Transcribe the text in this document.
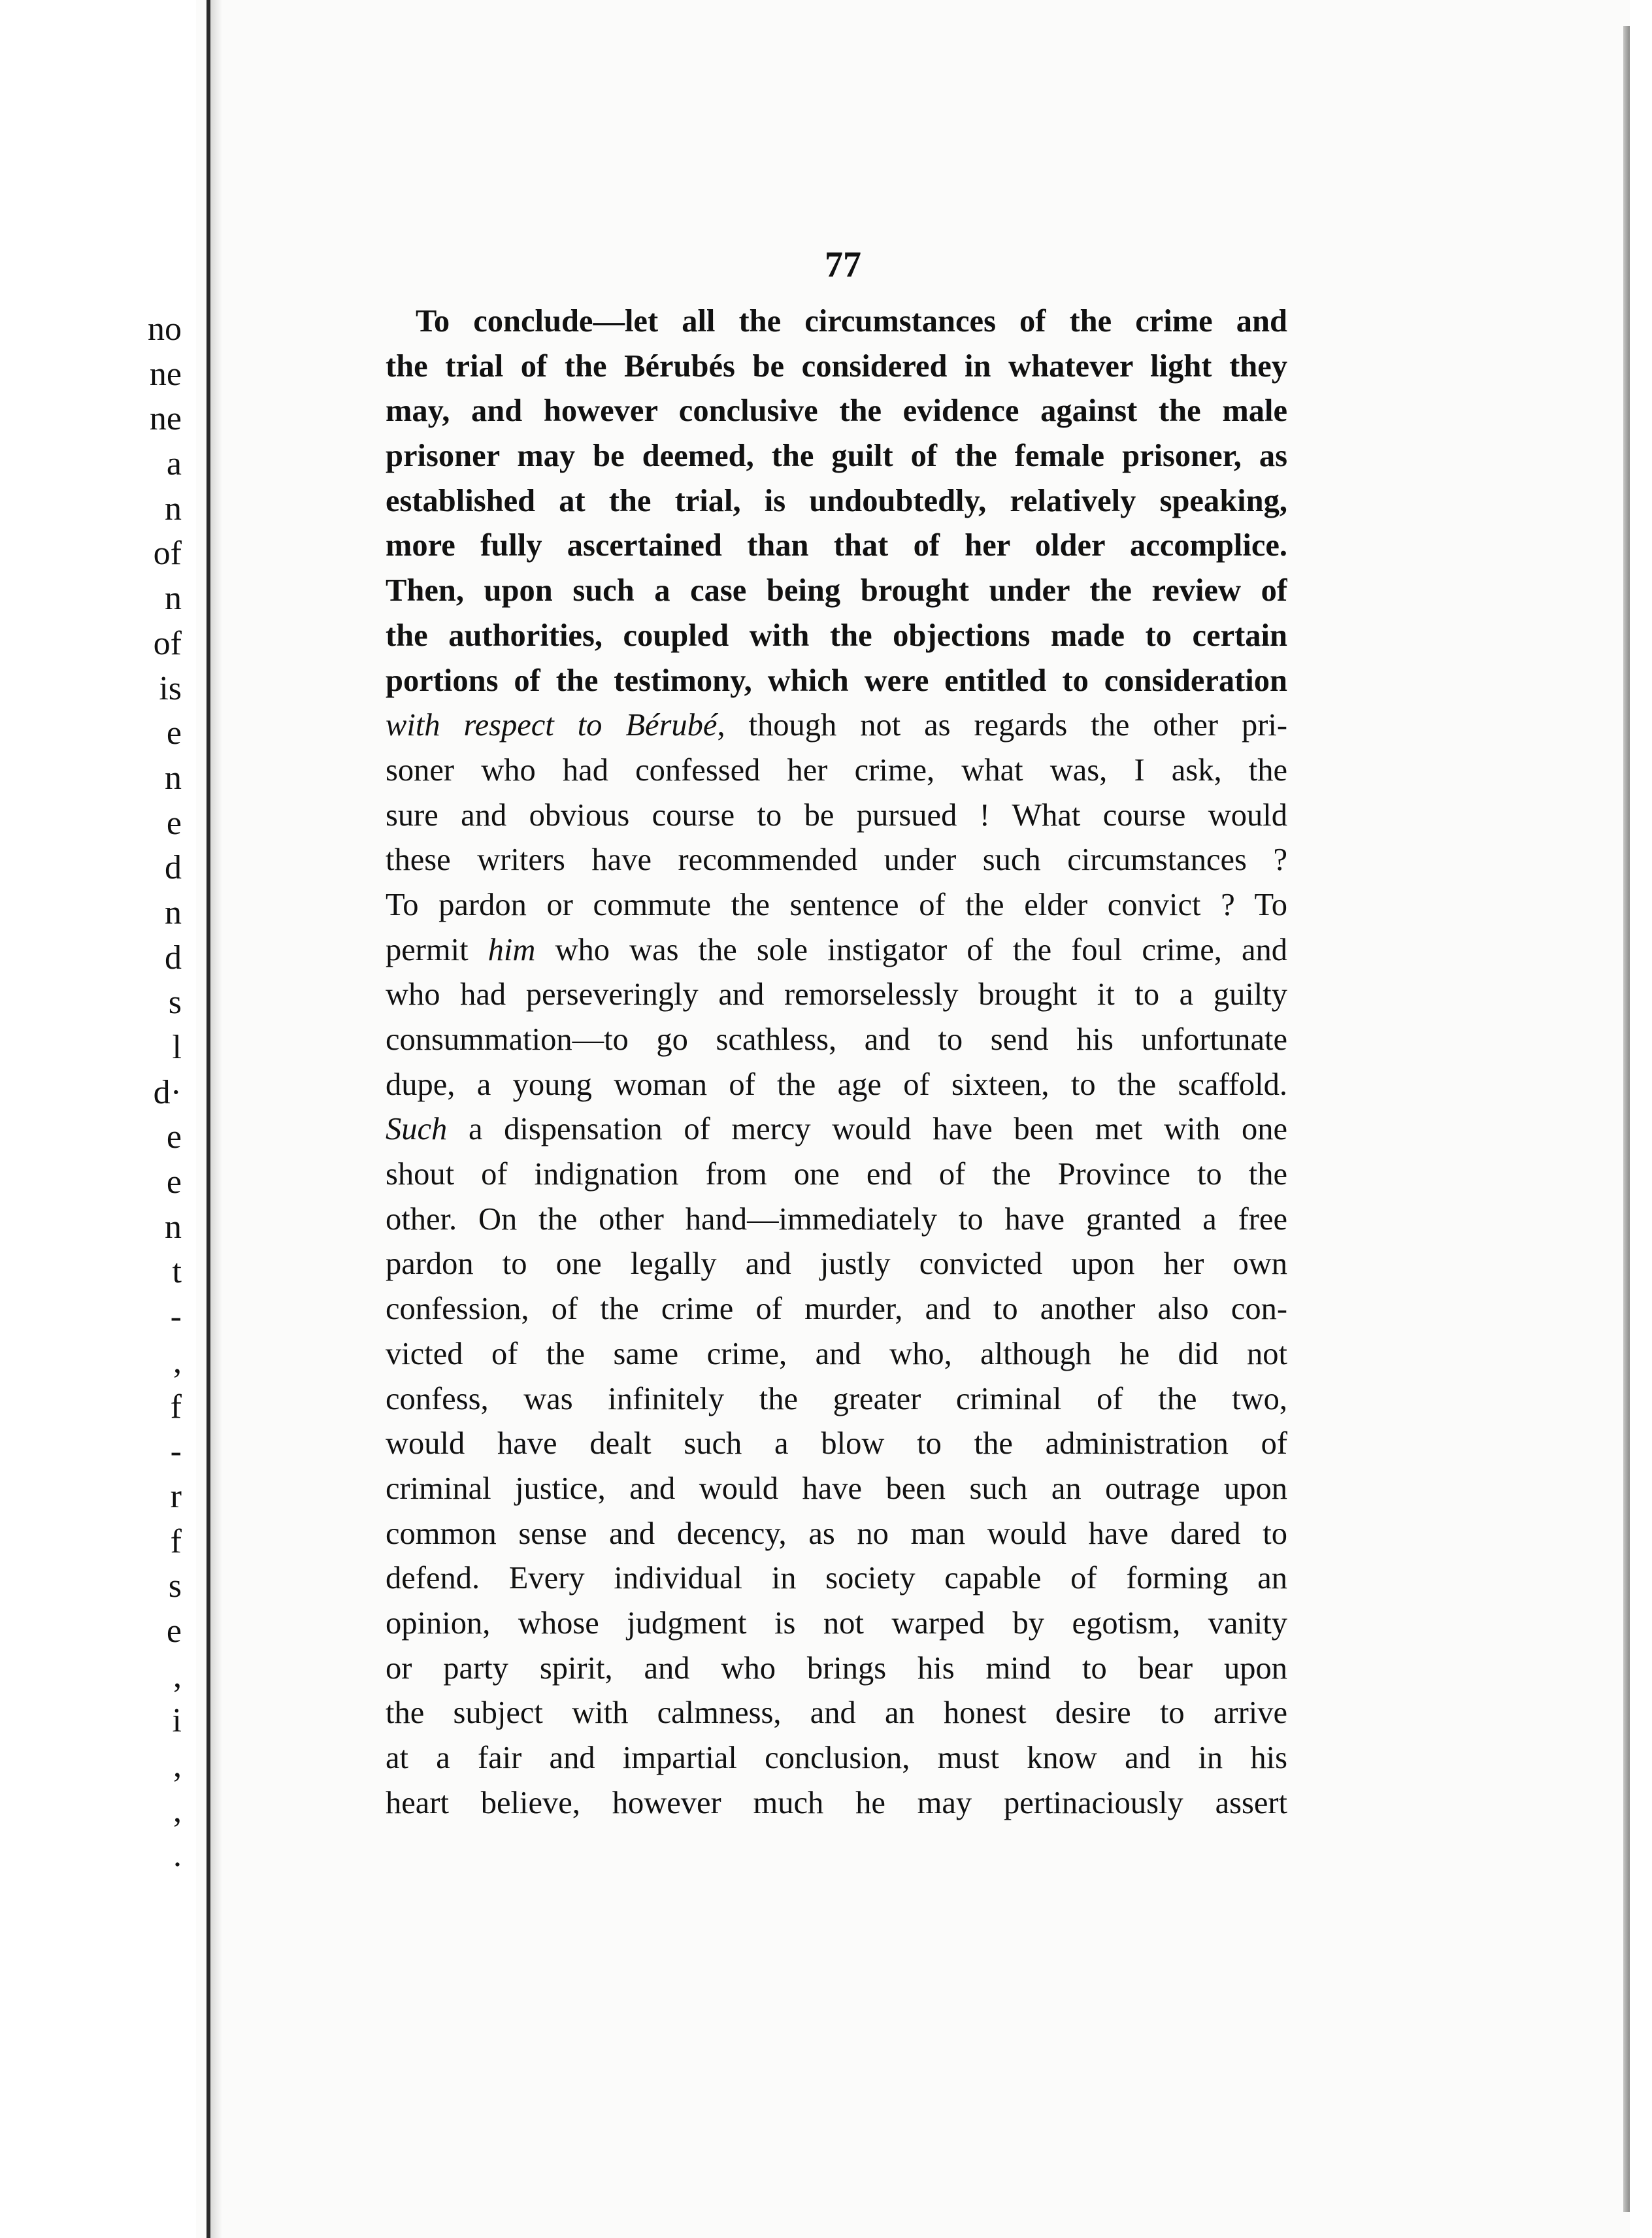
no
ne
ne
a
n
of
n
of
is
e
n
e
d
n
d
s
l
d·
e
e
n
t
-
,
f
-
r
f
s
e
,
i
,
,
.
77
To conclude—let all the circumstances of the crime and
the trial of the Bérubés be considered in whatever light they
may, and however conclusive the evidence against the male
prisoner may be deemed, the guilt of the female prisoner, as
established at the trial, is undoubtedly, relatively speaking,
more fully ascertained than that of her older accomplice.
Then, upon such a case being brought under the review of
the authorities, coupled with the objections made to certain
portions of the testimony, which were entitled to consideration
with respect to Bérubé, though not as regards the other pri-
soner who had confessed her crime, what was, I ask, the
sure and obvious course to be pursued ! What course would
these writers have recommended under such circumstances ?
To pardon or commute the sentence of the elder convict ? To
permit him who was the sole instigator of the foul crime, and
who had perseveringly and remorselessly brought it to a guilty
consummation—to go scathless, and to send his unfortunate
dupe, a young woman of the age of sixteen, to the scaffold.
Such a dispensation of mercy would have been met with one
shout of indignation from one end of the Province to the
other. On the other hand—immediately to have granted a free
pardon to one legally and justly convicted upon her own
confession, of the crime of murder, and to another also con-
victed of the same crime, and who, although he did not
confess, was infinitely the greater criminal of the two,
would have dealt such a blow to the administration of
criminal justice, and would have been such an outrage upon
common sense and decency, as no man would have dared to
defend. Every individual in society capable of forming an
opinion, whose judgment is not warped by egotism, vanity
or party spirit, and who brings his mind to bear upon
the subject with calmness, and an honest desire to arrive
at a fair and impartial conclusion, must know and in his
heart believe, however much he may pertinaciously assert
